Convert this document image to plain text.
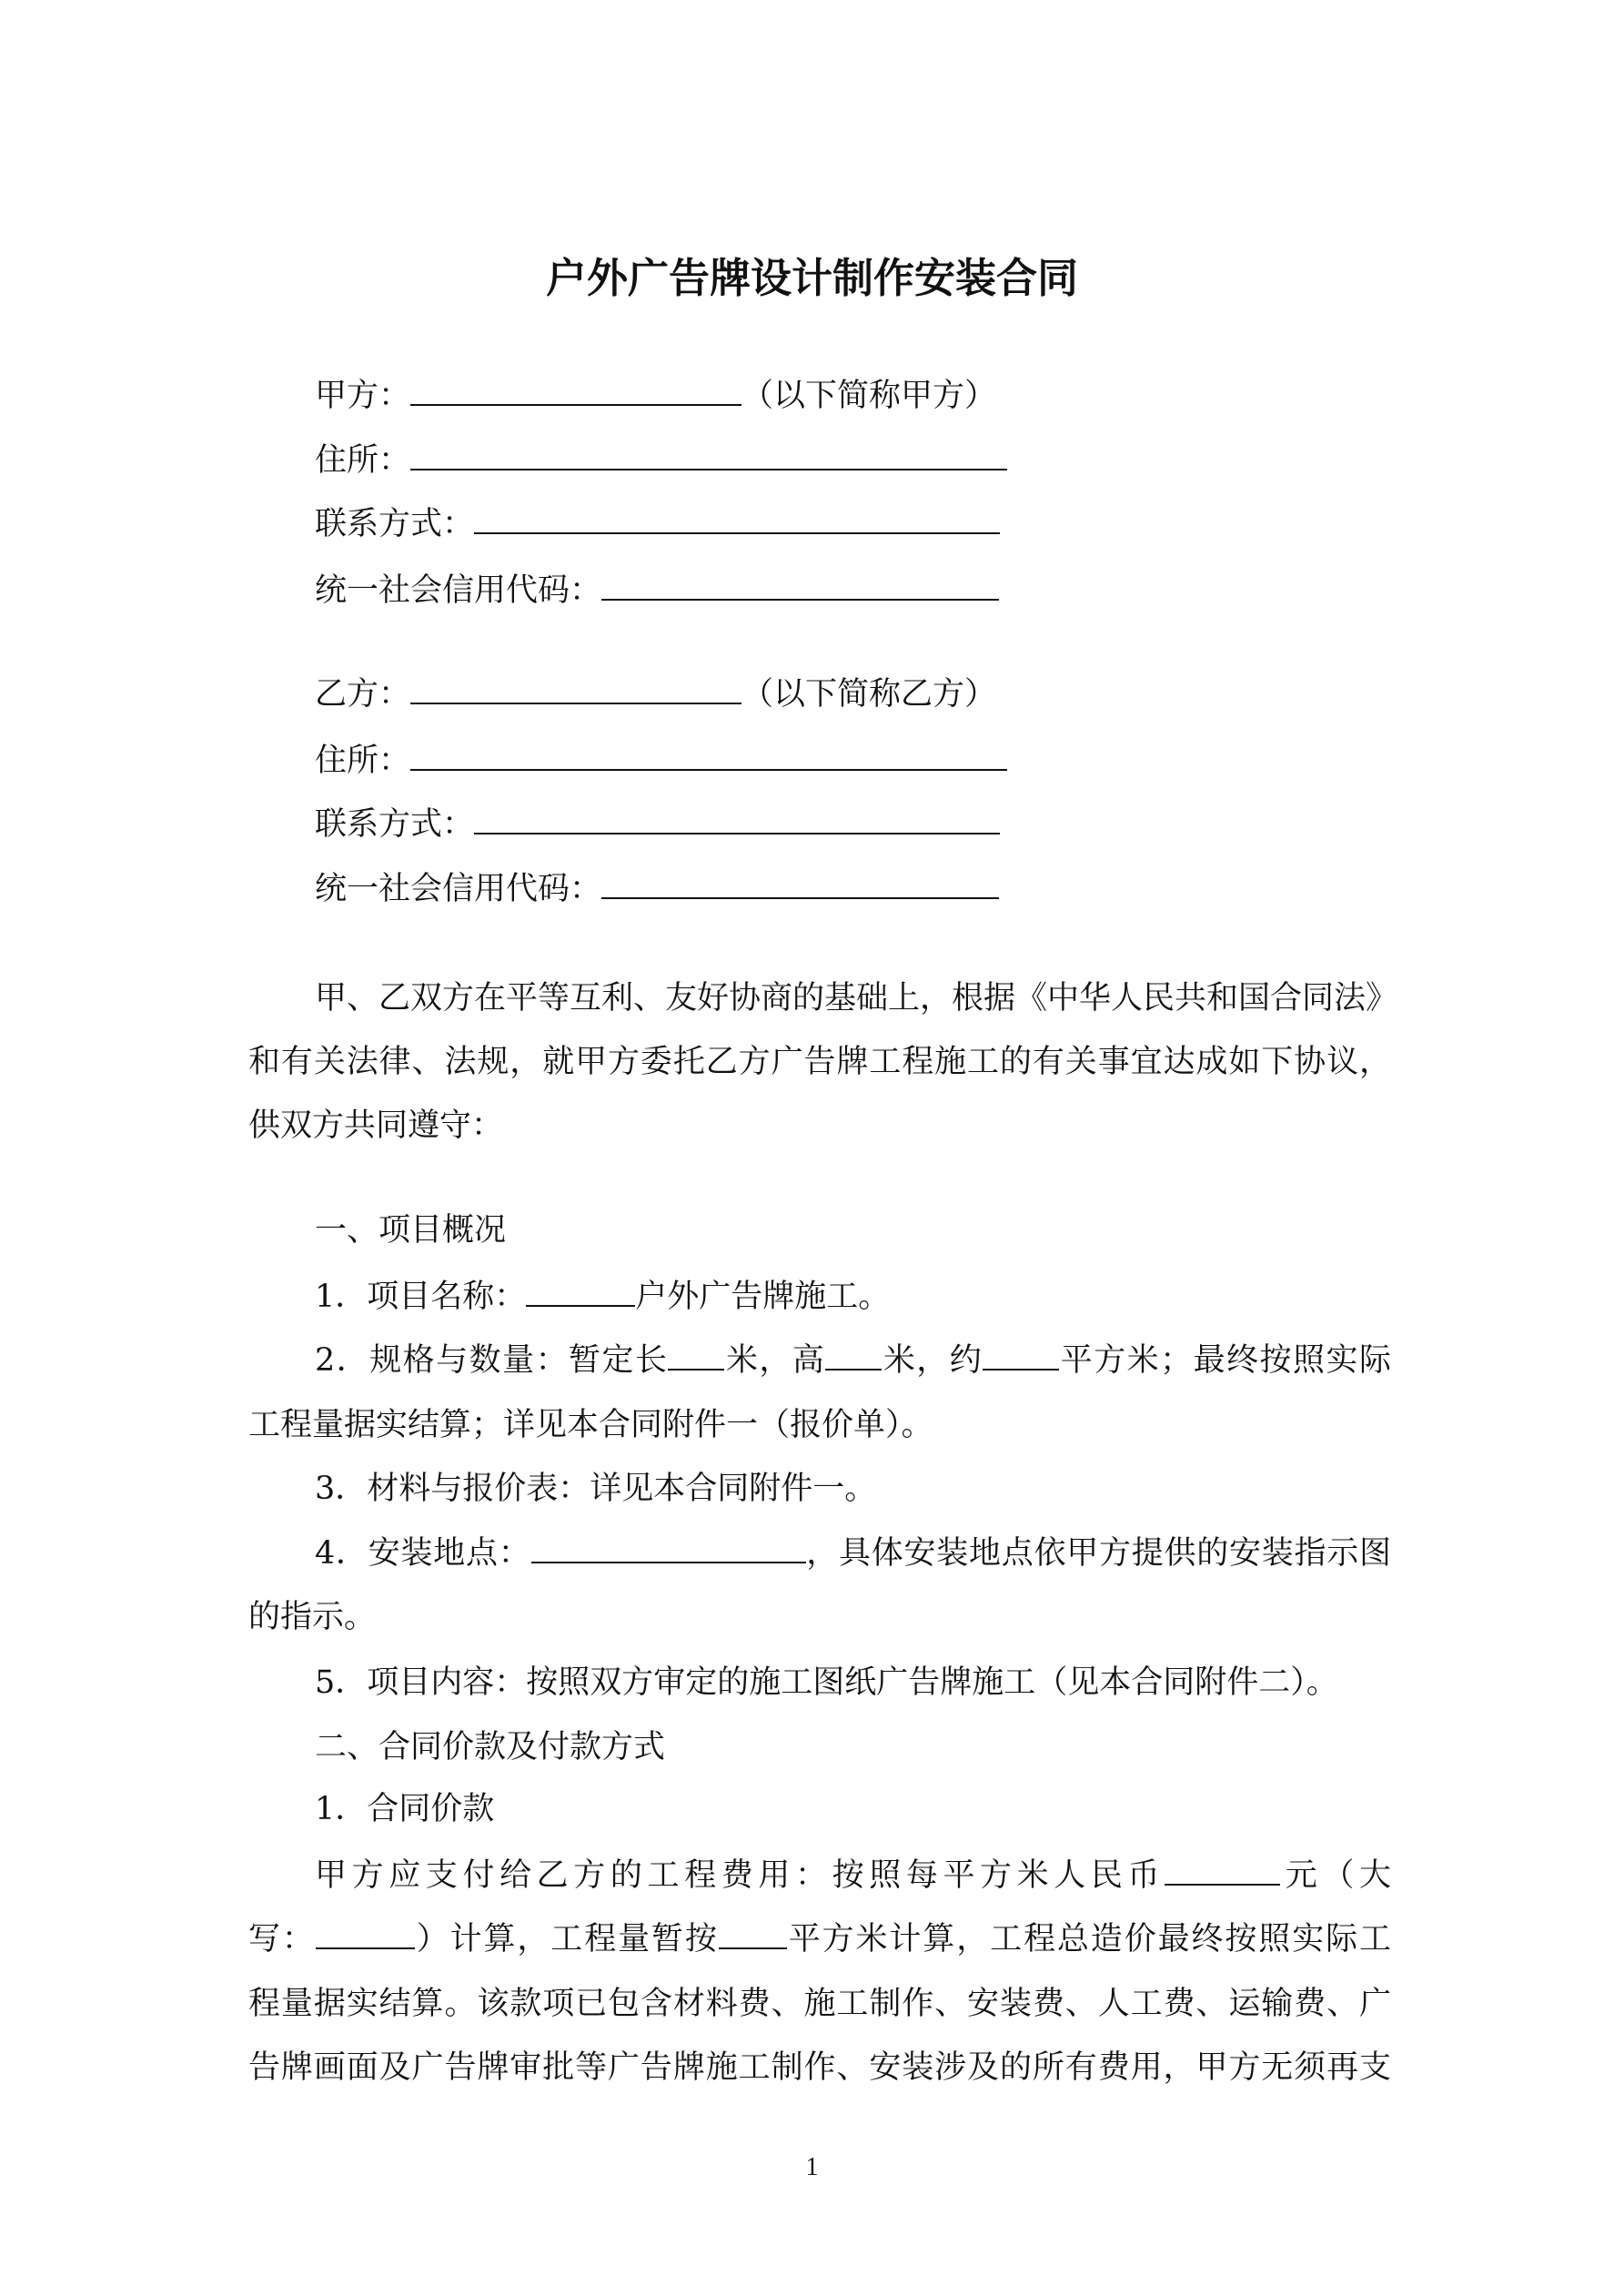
户外广告牌设计制作安装合同
甲方：	（以下简称甲方）
住所：
联系方式：
统一社会信用代码：
乙方：	（以下简称乙方）
住所：
联系方式：
统一社会信用代码：
甲、乙双方在平等互利、友好协商的基础上，根据《中华人民共和国合同法》
和有关法律、法规，就甲方委托乙方广告牌工程施工的有关事宜达成如下协议，
供双方共同遵守：
一、项目概况
1．项目名称：	户外广告牌施工。
2．规格与数量：暂定长 米，高 米，约 平方米；最终按照实际
工程量据实结算；详见本合同附件一（报价单）。
3．材料与报价表：详见本合同附件一。
4．安装地点：	，具体安装地点依甲方提供的安装指示图
的指示。
5．项目内容：按照双方审定的施工图纸广告牌施工（见本合同附件二）。
二、合同价款及付款方式
1．合同价款
甲方应支付给乙方的工程费用：按照每平方米人民币	元（大
写：	）计算，工程量暂按 平方米计算，工程总造价最终按照实际工
程量据实结算。该款项已包含材料费、施工制作、安装费、人工费、运输费、广
告牌画面及广告牌审批等广告牌施工制作、安装涉及的所有费用，甲方无须再支
1
